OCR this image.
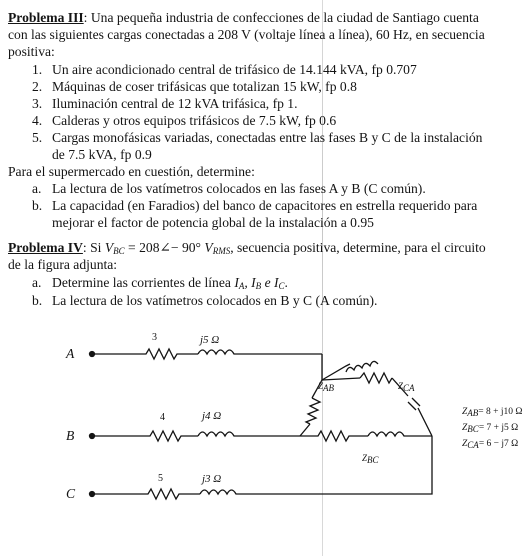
Problema III: Una pequeña industria de confecciones de la ciudad de Santiago cuenta
con las siguientes cargas conectadas a 208 V (voltaje línea a línea), 60 Hz, en secuencia
positiva:
1. Un aire acondicionado central de trifásico de 14.144 kVA, fp 0.707
2. Máquinas de coser trifásicas que totalizan 15 kW, fp 0.8
3. Iluminación central de 12 kVA trifásica, fp 1.
4. Calderas y otros equipos trifásicos de 7.5 kW, fp 0.6
5. Cargas monofásicas variadas, conectadas entre las fases B y C de la instalación
de 7.5 kVA, fp 0.9
Para el supermercado en cuestión, determine:
a. La lectura de los vatímetros colocados en las fases A y B (C común).
b. La capacidad (en Faradios) del banco de capacitores en estrella requerido para
mejorar el factor de potencia global de la instalación a 0.95
Problema IV: Si $V_{BC}$ = 208∠− 90° $V_{RMS}$, secuencia positiva, determine, para el circuito
de la figura adjunta:
a. Determine las corrientes de línea $I_A$, $I_B$ e $I_C$.
b. La lectura de los vatímetros colocados en B y C (A común).
A
3	j5 Ω
B
4	j4 Ω
C
5	j3 Ω
ZAB	ZCA
ZBC
ZAB= 8 + j10 Ω
ZBC= 7 + j5 Ω
ZCA= 6 − j7 Ω
